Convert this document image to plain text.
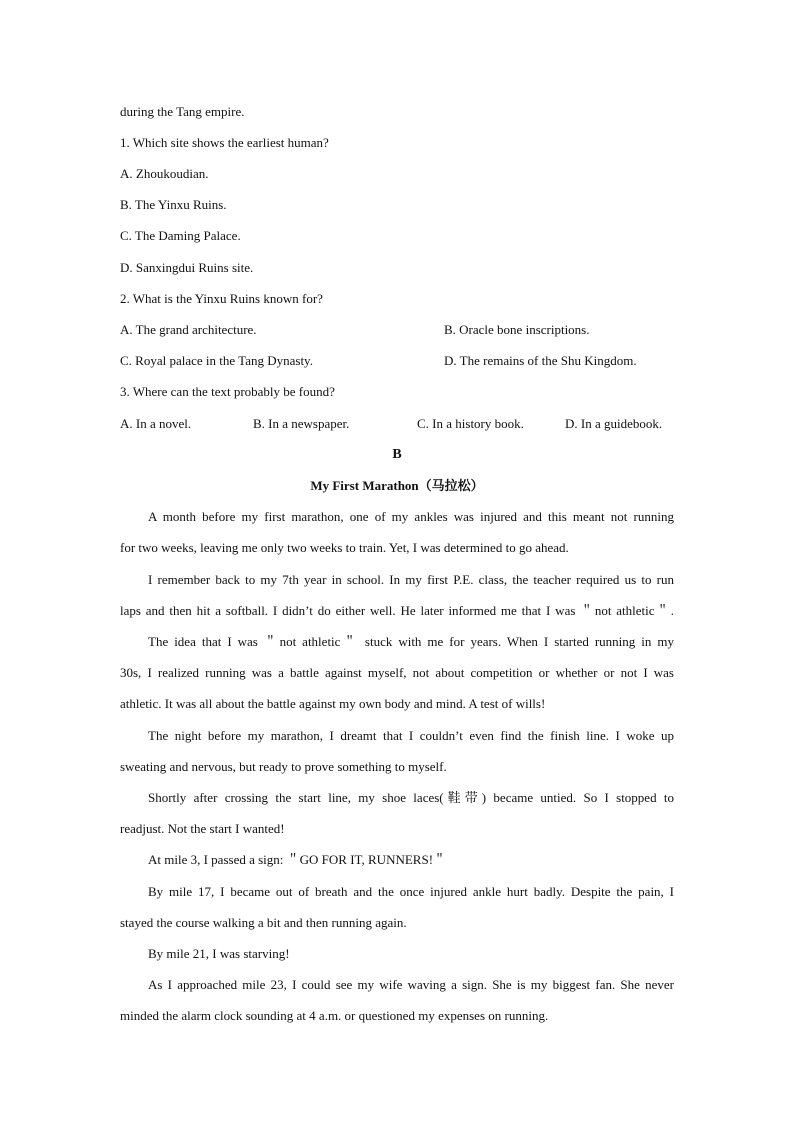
during the Tang empire.
1. Which site shows the earliest human?
A. Zhoukoudian.
B. The Yinxu Ruins.
C. The Daming Palace.
D. Sanxingdui Ruins site.
2. What is the Yinxu Ruins known for?
A. The grand architecture.	B. Oracle bone inscriptions.
C. Royal palace in the Tang Dynasty.	D. The remains of the Shu Kingdom.
3. Where can the text probably be found?
A. In a novel.	B. In a newspaper.	C. In a history book.	D. In a guidebook.
B
My First Marathon（马拉松）
A month before my first marathon, one of my ankles was injured and this meant not running
for two weeks, leaving me only two weeks to train. Yet, I was determined to go ahead.
I remember back to my 7th year in school. In my first P.E. class, the teacher required us to run
laps and then hit a softball. I didn’t do either well. He later informed me that I was ＂not athletic＂.
The idea that I was ＂not athletic＂ stuck with me for years. When I started running in my
30s, I realized running was a battle against myself, not about competition or whether or not I was
athletic. It was all about the battle against my own body and mind. A test of wills!
The night before my marathon, I dreamt that I couldn’t even find the finish line. I woke up
sweating and nervous, but ready to prove something to myself.
Shortly after crossing the start line, my shoe laces(鞋带) became untied. So I stopped to
readjust. Not the start I wanted!
At mile 3, I passed a sign: ＂GO FOR IT, RUNNERS!＂
By mile 17, I became out of breath and the once injured ankle hurt badly. Despite the pain, I
stayed the course walking a bit and then running again.
By mile 21, I was starving!
As I approached mile 23, I could see my wife waving a sign. She is my biggest fan. She never
minded the alarm clock sounding at 4 a.m. or questioned my expenses on running.
